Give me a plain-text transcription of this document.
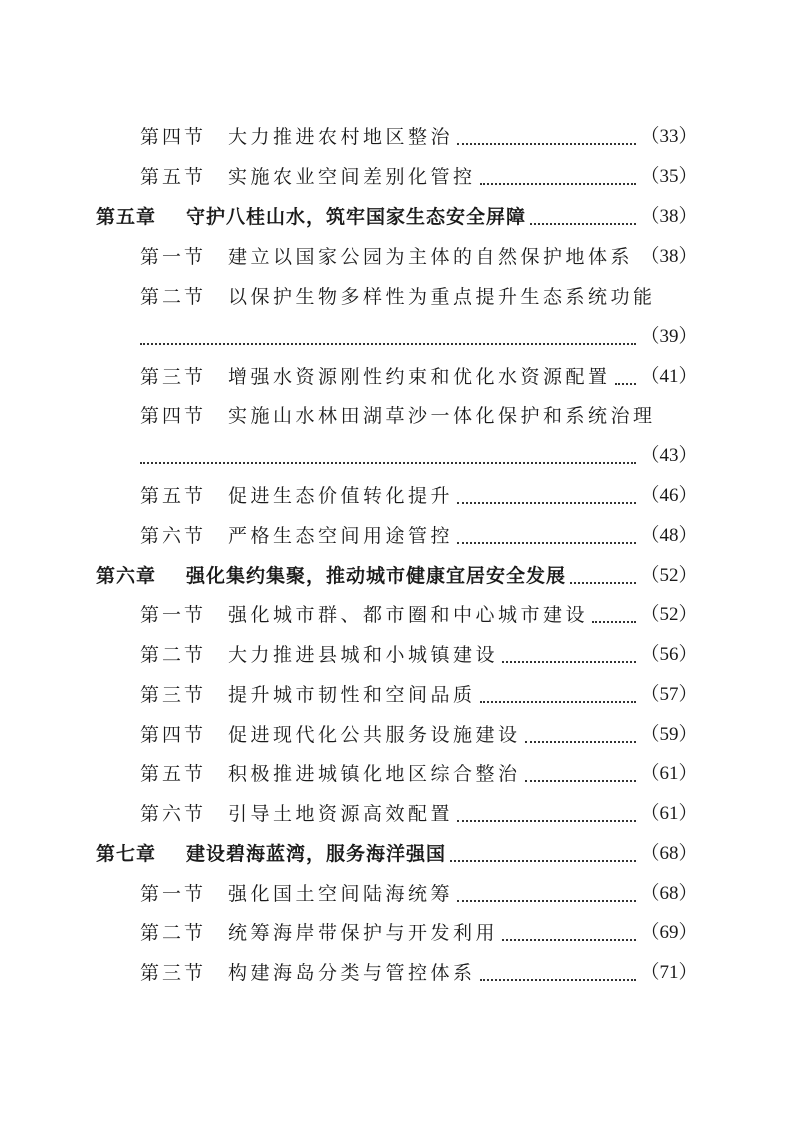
第四节 大力推进农村地区整治	（33）
第五节 实施农业空间差别化管控	（35）
第五章 守护八桂山水，筑牢国家生态安全屏障	（38）
第一节 建立以国家公园为主体的自然保护地体系 （38）
第二节 以保护生物多样性为重点提升生态系统功能
（39）
第三节 增强水资源刚性约束和优化水资源配置 （41）
第四节 实施山水林田湖草沙一体化保护和系统治理
（43）
第五节 促进生态价值转化提升	（46）
第六节 严格生态空间用途管控	（48）
第六章 强化集约集聚，推动城市健康宜居安全发展	（52）
第一节 强化城市群、都市圈和中心城市建设	（52）
第二节 大力推进县城和小城镇建设	（56）
第三节 提升城市韧性和空间品质	（57）
第四节 促进现代化公共服务设施建设	（59）
第五节 积极推进城镇化地区综合整治	（61）
第六节 引导土地资源高效配置	（61）
第七章 建设碧海蓝湾，服务海洋强国	（68）
第一节 强化国土空间陆海统筹	（68）
第二节 统筹海岸带保护与开发利用	（69）
第三节 构建海岛分类与管控体系	（71）
